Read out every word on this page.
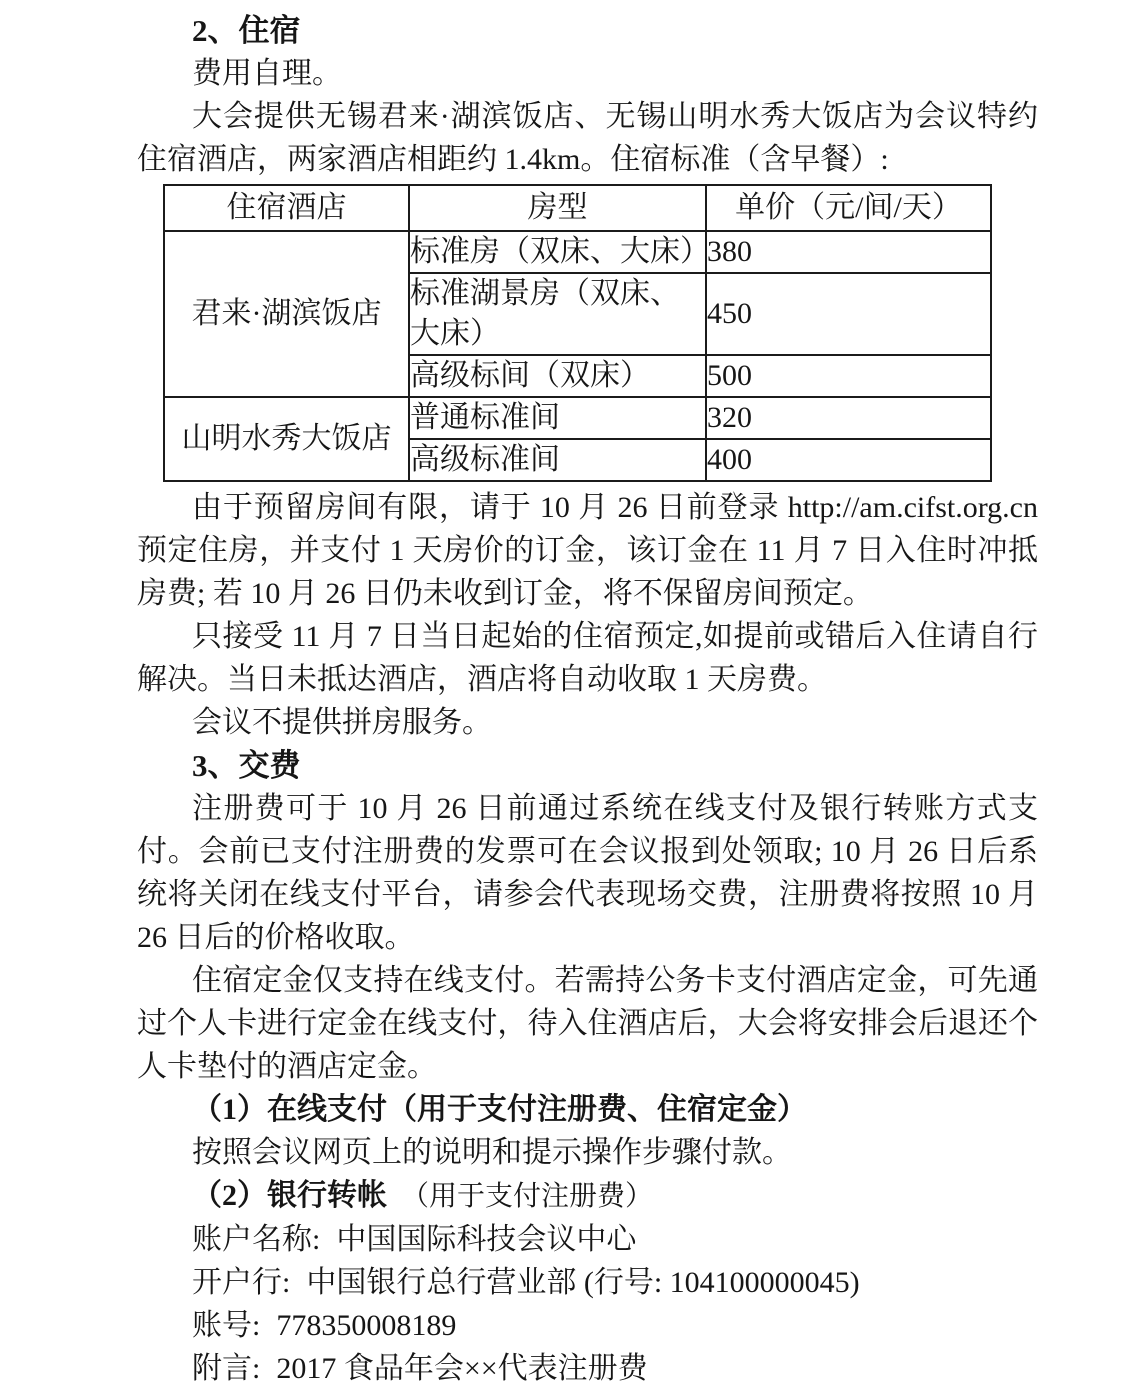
2、住宿

费用自理。

大会提供无锡君来·湖滨饭店、无锡山明水秀大饭店为会议特约住宿酒店，两家酒店相距约 1.4km。住宿标准（含早餐）:

住宿酒店	房型	单价（元/间/天）
君来·湖滨饭店	标准房（双床、大床）	380
	标准湖景房（双床、大床）	450
	高级标间（双床）	500
山明水秀大饭店	普通标准间	320
	高级标准间	400

由于预留房间有限，请于 10 月 26 日前登录 http://am.cifst.org.cn 预定住房，并支付 1 天房价的订金，该订金在 11 月 7 日入住时冲抵房费; 若 10 月 26 日仍未收到订金，将不保留房间预定。

只接受 11 月 7 日当日起始的住宿预定,如提前或错后入住请自行解决。当日未抵达酒店，酒店将自动收取 1 天房费。

会议不提供拼房服务。

3、交费

注册费可于 10 月 26 日前通过系统在线支付及银行转账方式支付。会前已支付注册费的发票可在会议报到处领取; 10 月 26 日后系统将关闭在线支付平台，请参会代表现场交费，注册费将按照 10 月 26 日后的价格收取。

住宿定金仅支持在线支付。若需持公务卡支付酒店定金，可先通过个人卡进行定金在线支付，待入住酒店后，大会将安排会后退还个人卡垫付的酒店定金。

（1）在线支付（用于支付注册费、住宿定金）

按照会议网页上的说明和提示操作步骤付款。

（2）银行转帐 （用于支付注册费）

账户名称: 中国国际科技会议中心

开户行: 中国银行总行营业部 (行号: 104100000045)

账号: 778350008189

附言: 2017 食品年会××代表注册费
